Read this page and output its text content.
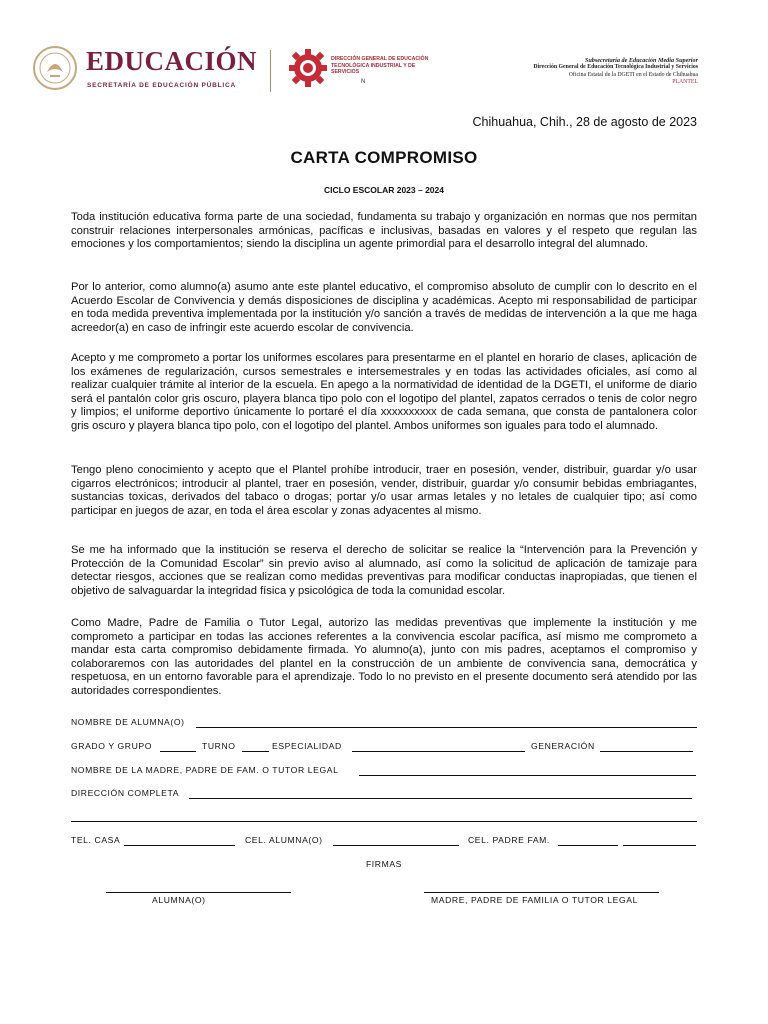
EDUCACIÓN
SECRETARÍA DE EDUCACIÓN PÚBLICA
DIRECCIÓN GENERAL DE EDUCACIÓN
TECNOLÓGICA INDUSTRIAL Y DE SERVICIOS
N
Subsecretaría de Educación Media Superior
Dirección General de Educación Tecnológica Industrial y Servicios
Oficina Estatal de la DGETI en el Estado de Chihuahua
PLANTEL
Chihuahua, Chih., 28 de agosto de 2023
CARTA COMPROMISO
CICLO ESCOLAR 2023 – 2024
Toda institución educativa forma parte de una sociedad, fundamenta su trabajo y organización en normas que nos permitan construir relaciones interpersonales armónicas, pacíficas e inclusivas, basadas en valores y el respeto que regulan las emociones y los comportamientos; siendo la disciplina un agente primordial para el desarrollo integral del alumnado.
Por lo anterior, como alumno(a) asumo ante este plantel educativo, el compromiso absoluto de cumplir con lo descrito en el Acuerdo Escolar de Convivencia y demás disposiciones de disciplina y académicas. Acepto mi responsabilidad de participar en toda medida preventiva implementada por la institución y/o sanción a través de medidas de intervención a la que me haga acreedor(a) en caso de infringir este acuerdo escolar de convivencia.
Acepto y me comprometo a portar los uniformes escolares para presentarme en el plantel en horario de clases, aplicación de los exámenes de regularización, cursos semestrales e intersemestrales y en todas las actividades oficiales, así como al realizar cualquier trámite al interior de la escuela. En apego a la normatividad de identidad de la DGETI, el uniforme de diario será el pantalón color gris oscuro, playera blanca tipo polo con el logotipo del plantel, zapatos cerrados o tenis de color negro y limpios; el uniforme deportivo únicamente lo portaré el día xxxxxxxxxx de cada semana, que consta de pantalonera color gris oscuro y playera blanca tipo polo, con el logotipo del plantel. Ambos uniformes son iguales para todo el alumnado.
Tengo pleno conocimiento y acepto que el Plantel prohíbe introducir, traer en posesión, vender, distribuir, guardar y/o usar cigarros electrónicos; introducir al plantel, traer en posesión, vender, distribuir, guardar y/o consumir bebidas embriagantes, sustancias toxicas, derivados del tabaco o drogas; portar y/o usar armas letales y no letales de cualquier tipo; así como participar en juegos de azar, en toda el área escolar y zonas adyacentes al mismo.
Se me ha informado que la institución se reserva el derecho de solicitar se realice la “Intervención para la Prevención y Protección de la Comunidad Escolar” sin previo aviso al alumnado, así como la solicitud de aplicación de tamizaje para detectar riesgos, acciones que se realizan como medidas preventivas para modificar conductas inapropiadas, que tienen el objetivo de salvaguardar la integridad física y psicológica de toda la comunidad escolar.
Como Madre, Padre de Familia o Tutor Legal, autorizo las medidas preventivas que implemente la institución y me comprometo a participar en todas las acciones referentes a la convivencia escolar pacífica, así mismo me comprometo a mandar esta carta compromiso debidamente firmada. Yo alumno(a), junto con mis padres, aceptamos el compromiso y colaboraremos con las autoridades del plantel en la construcción de un ambiente de convivencia sana, democrática y respetuosa, en un entorno favorable para el aprendizaje. Todo lo no previsto en el presente documento será atendido por las autoridades correspondientes.
NOMBRE DE ALUMNA(O)
GRADO Y GRUPO	TURNO	ESPECIALIDAD	GENERACIÓN
NOMBRE DE LA MADRE, PADRE DE FAM. O TUTOR LEGAL
DIRECCIÓN COMPLETA
TEL. CASA	CEL. ALUMNA(O)	CEL. PADRE FAM.
FIRMAS
ALUMNA(O)	MADRE, PADRE DE FAMILIA O TUTOR LEGAL
